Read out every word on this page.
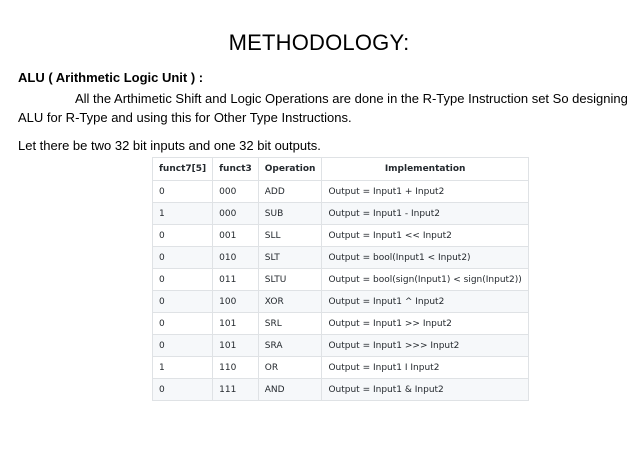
METHODOLOGY:
ALU ( Arithmetic Logic Unit ) :
All the Arthimetic Shift and Logic Operations are done in the R-Type Instruction set So designing ALU for R-Type and using this for Other Type Instructions.
Let there be two 32 bit inputs and one 32 bit outputs.
funct7[5]	funct3	Operation	Implementation
0	000	ADD	Output = Input1 + Input2
1	000	SUB	Output = Input1 - Input2
0	001	SLL	Output = Input1 << Input2
0	010	SLT	Output = bool(Input1 < Input2)
0	011	SLTU	Output = bool(sign(Input1) < sign(Input2))
0	100	XOR	Output = Input1 ^ Input2
0	101	SRL	Output = Input1 >> Input2
0	101	SRA	Output = Input1 >>> Input2
1	110	OR	Output = Input1 I Input2
0	111	AND	Output = Input1 & Input2
